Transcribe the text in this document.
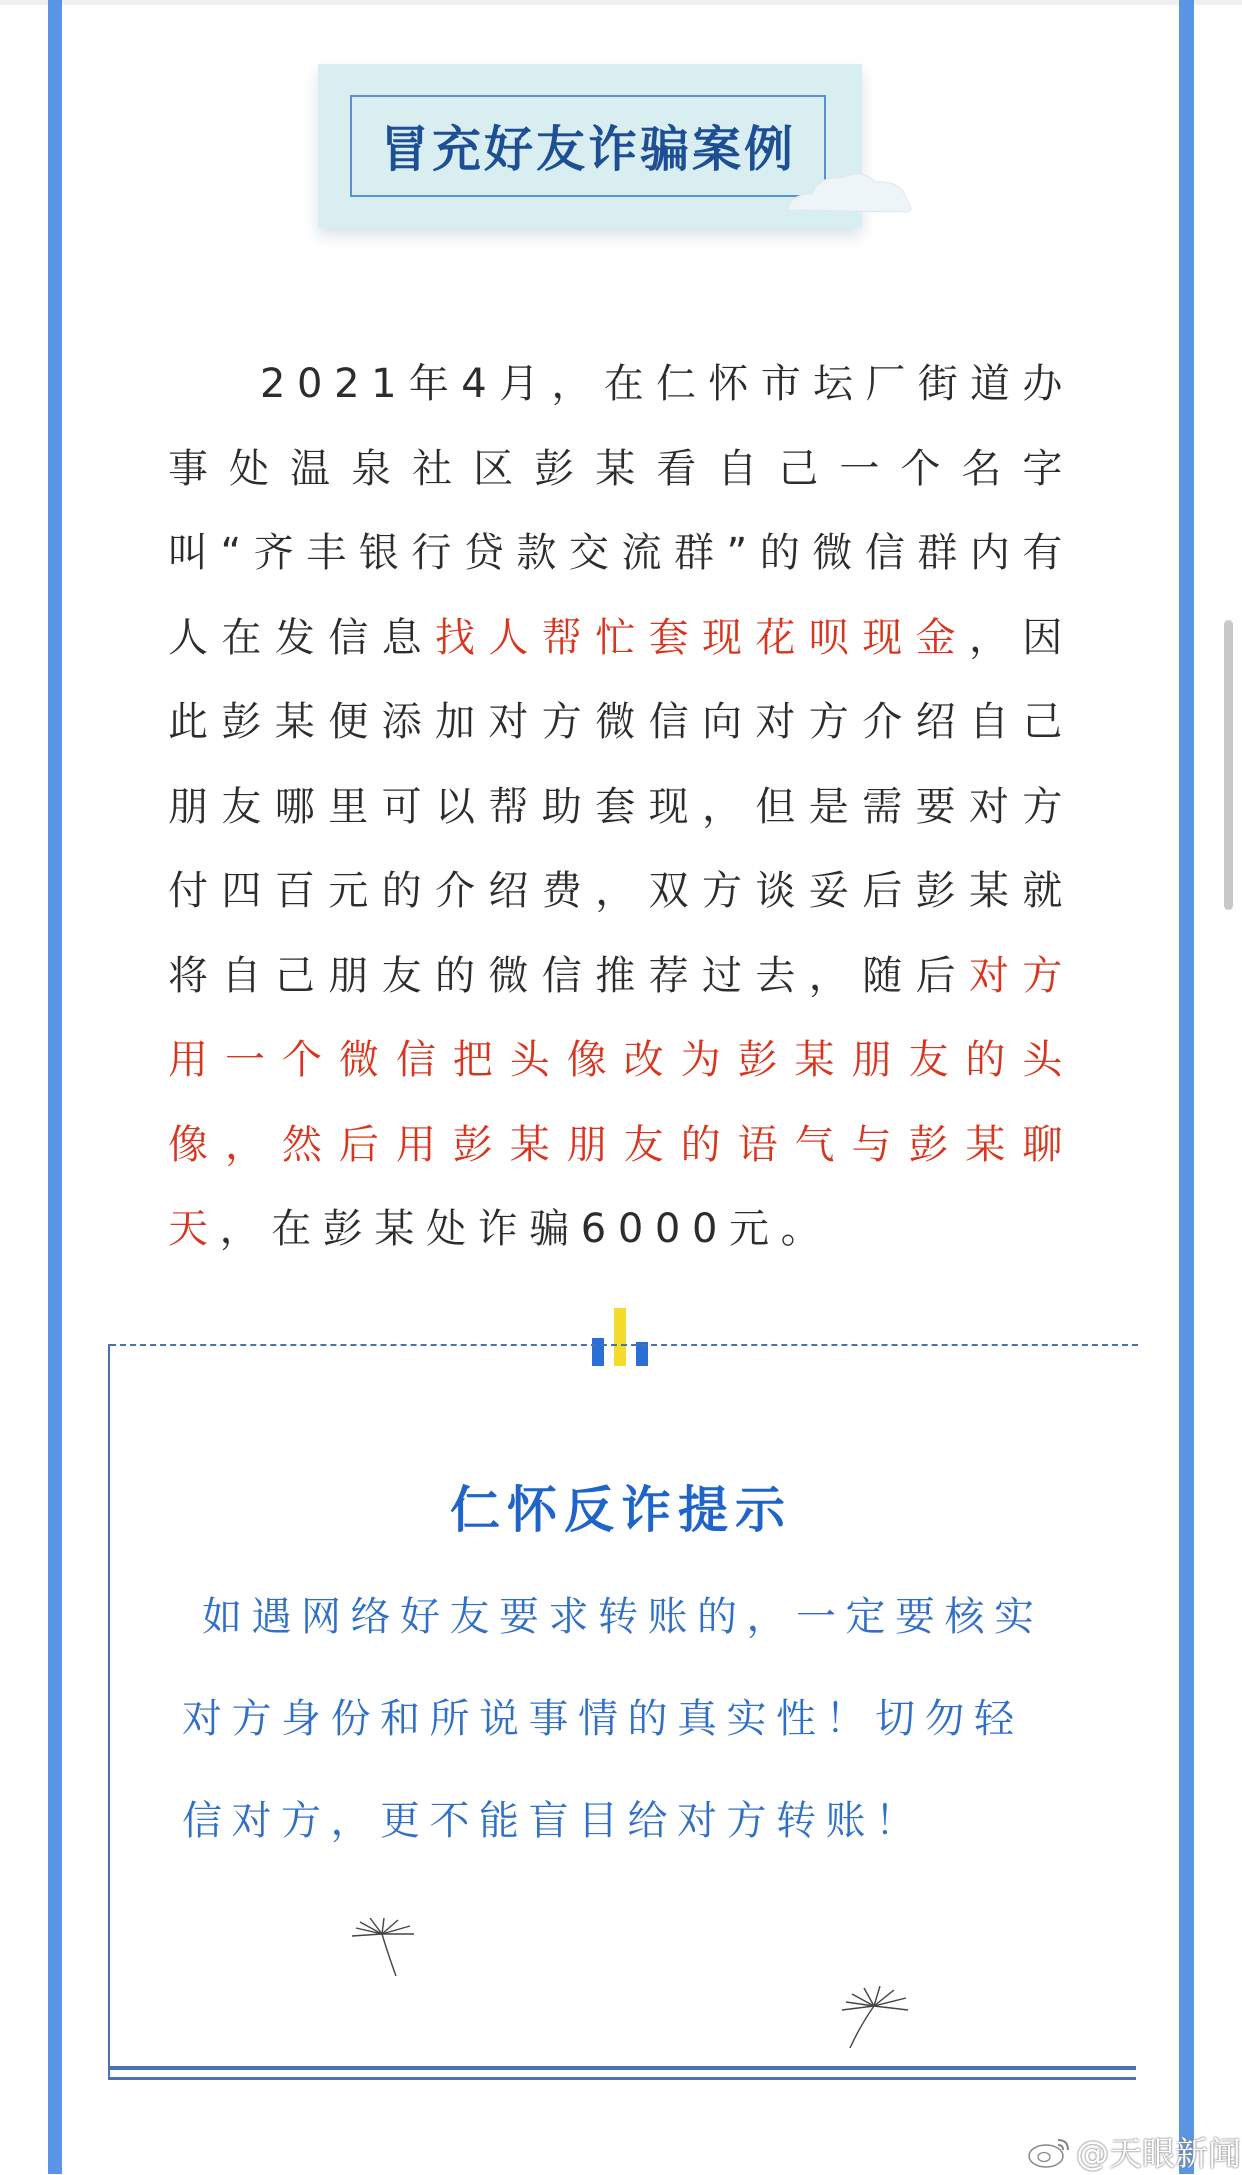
冒充好友诈骗案例
2021年4月，在仁怀市坛厂街道办事处温泉社区彭某看自己一个名字叫“齐丰银行贷款交流群”的微信群内有人在发信息找人帮忙套现花呗现金，因此彭某便添加对方微信向对方介绍自己朋友哪里可以帮助套现，但是需要对方付四百元的介绍费，双方谈妥后彭某就将自己朋友的微信推荐过去，随后对方用一个微信把头像改为彭某朋友的头像，然后用彭某朋友的语气与彭某聊天，在彭某处诈骗6000元。
仁怀反诈提示
如遇网络好友要求转账的，一定要核实对方身份和所说事情的真实性！切勿轻信对方，更不能盲目给对方转账！
@天眼新闻
